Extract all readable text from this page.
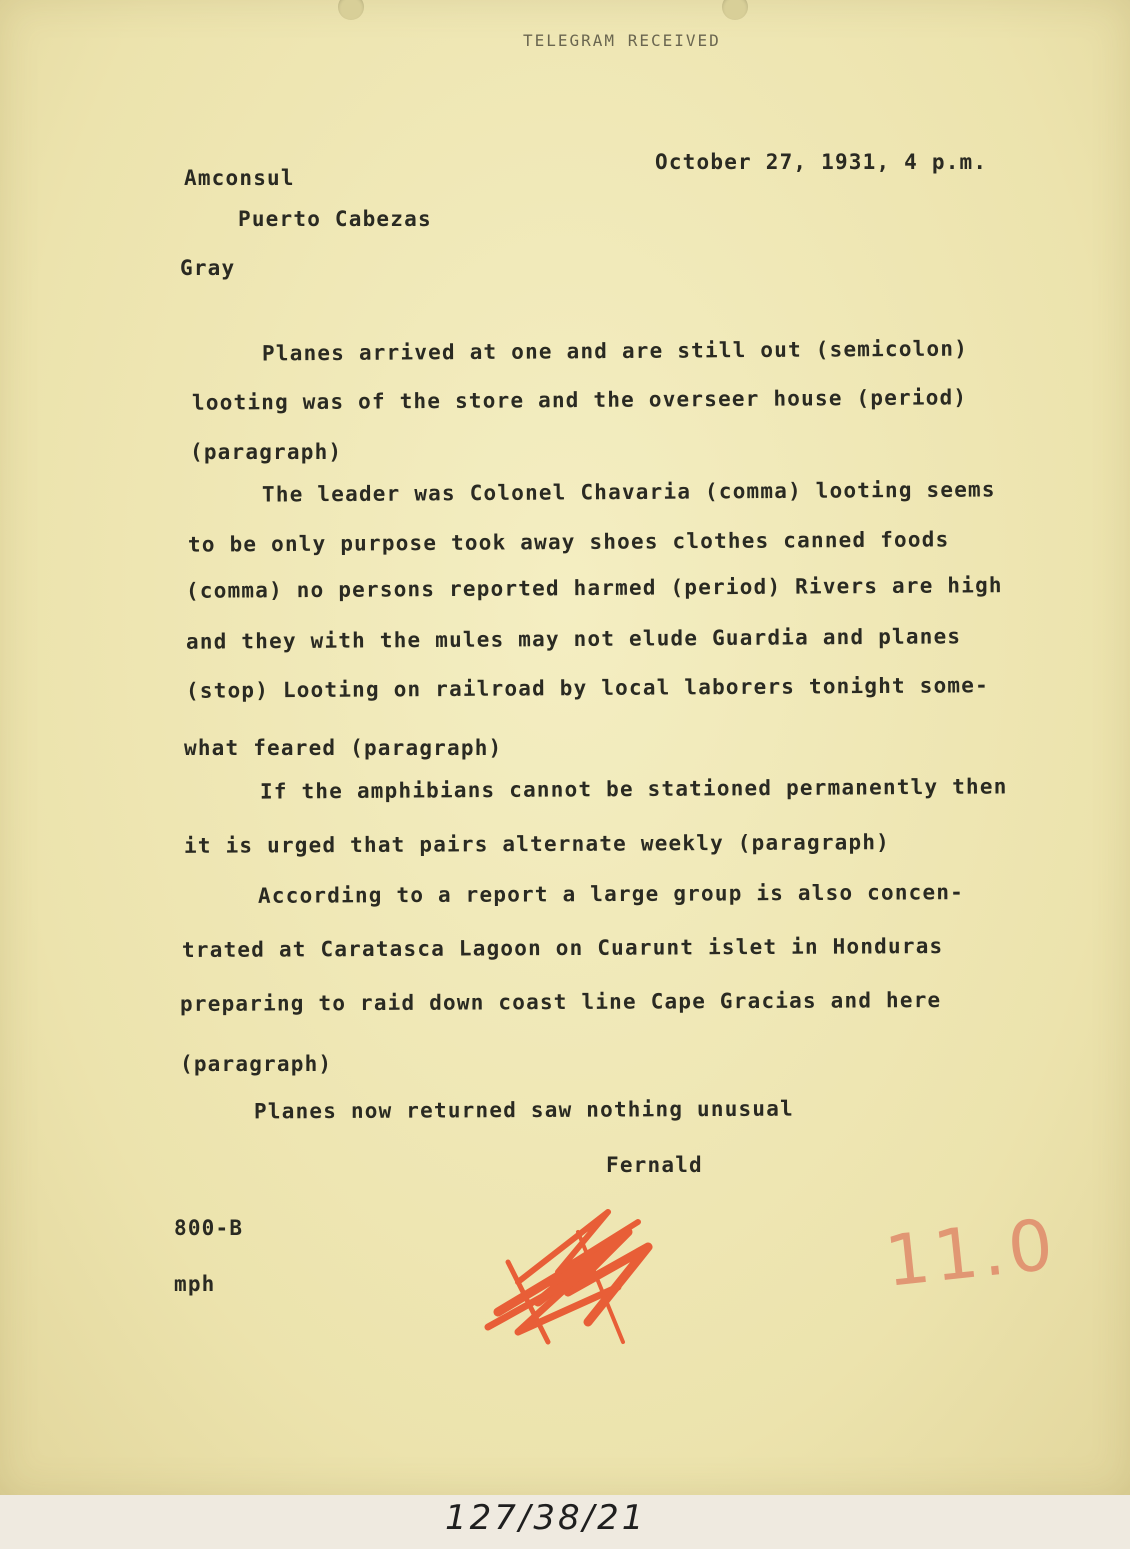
TELEGRAM RECEIVED

October 27, 1931, 4 p.m.

Amconsul

Puerto Cabezas

Gray

Planes arrived at one and are still out (semicolon)

looting was of the store and the overseer house (period)

(paragraph)

The leader was Colonel Chavaria (comma) looting seems

to be only purpose took away shoes clothes canned foods

(comma) no persons reported harmed (period) Rivers are high

and they with the mules may not elude Guardia and planes

(stop) Looting on railroad by local laborers tonight some-

what feared (paragraph)

If the amphibians cannot be stationed permanently then

it is urged that pairs alternate weekly (paragraph)

According to a report a large group is also concen-

trated at Caratasca Lagoon on Cuarunt islet in Honduras

preparing to raid down coast line Cape Gracias and here

(paragraph)

Planes now returned saw nothing unusual

Fernald

800-B

mph	11.0

127/38/21
